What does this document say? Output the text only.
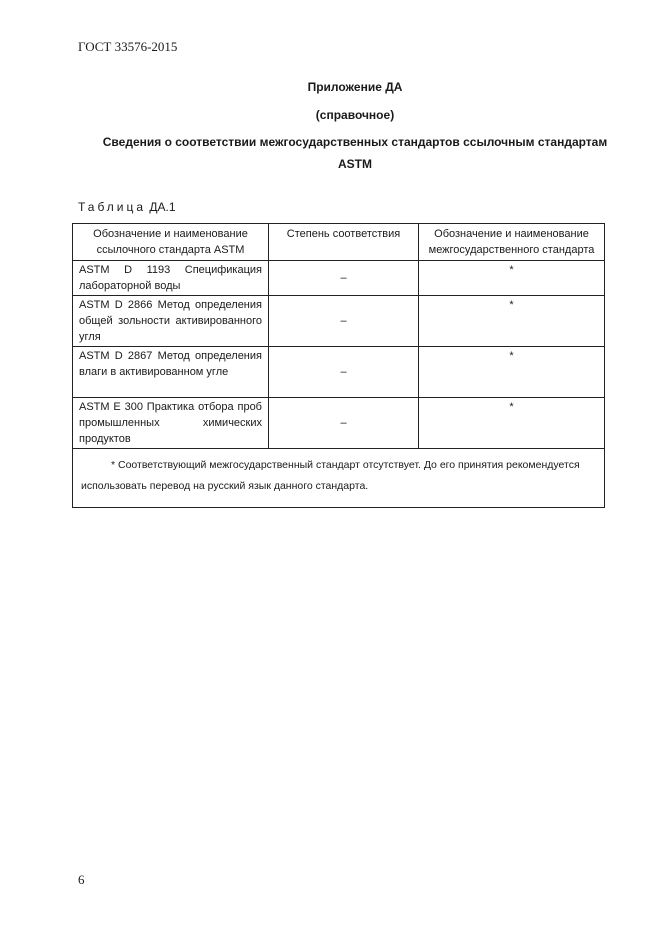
ГОСТ 33576-2015
Приложение ДА
(справочное)
Сведения о соответствии межгосударственных стандартов ссылочным стандартам ASTM
Таблица ДА.1
Обозначение и наименование ссылочного стандарта ASTM	Степень соответствия	Обозначение и наименование межгосударственного стандарта
ASTM D 1193 Спецификация лабораторной воды	–	*
ASTM D 2866 Метод определения общей зольности активированного угля	–	*
ASTM D 2867 Метод определения влаги в активированном угле	–	*
ASTM E 300 Практика отбора проб промышленных химических продуктов	–	*
* Соответствующий межгосударственный стандарт отсутствует. До его принятия рекомендуется использовать перевод на русский язык данного стандарта.		
6
